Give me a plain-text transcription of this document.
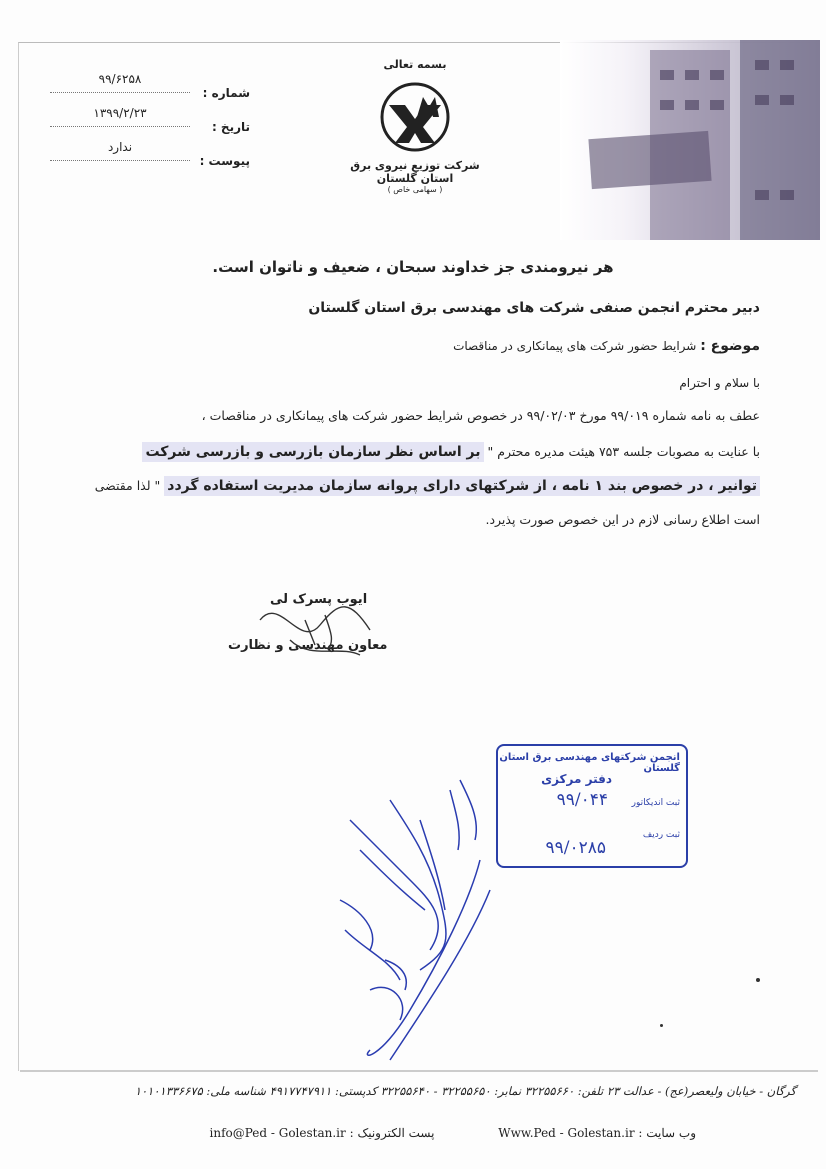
بسمه تعالی
شرکت توزیع نیروی برق
استان گلستان
( سهامی خاص )
۹۹/۶۲۵۸
شماره :
۱۳۹۹/۲/۲۳
تاریخ :
ندارد
پیوست :
هر نیرومندی جز خداوند سبحان ، ضعیف و ناتوان است.
دبیر محترم انجمن صنفی شرکت های مهندسی برق استان گلستان
موضوع : شرایط حضور شرکت های پیمانکاری در مناقصات
با سلام و احترام
عطف به نامه شماره ۹۹/۰۱۹ مورخ ۹۹/۰۲/۰۳ در خصوص شرایط حضور شرکت های پیمانکاری در مناقصات ،
با عنایت به مصوبات جلسه ۷۵۳ هیئت مدیره محترم " بر اساس نظر سازمان بازرسی و بازرسی شرکت
توانیر ، در خصوص بند ۱ نامه ، از شرکتهای دارای پروانه سازمان مدیریت استفاده گردد " لذا مقتضی
است اطلاع رسانی لازم در این خصوص صورت پذیرد.
ایوب پسرک لی
معاون مهندسی و نظارت
انجمن شرکتهای مهندسی برق استان گلستان
دفتر مرکزی
ثبت اندیکاتور
۹۹/۰۴۴
ثبت ردیف
۹۹/۰۲۸۵
گرگان - خیابان ولیعصر(عج) - عدالت ۲۳ تلفن: ۳۲۲۵۵۶۶۰ نمابر: ۳۲۲۵۵۶۵۰ - ۳۲۲۵۵۶۴۰ کدپستی: ۴۹۱۷۷۴۷۹۱۱ شناسه ملی: ۱۰۱۰۱۳۳۶۶۷۵
وب سایت : Www.Ped - Golestan.ir پست الکترونیک : info@Ped - Golestan.ir
